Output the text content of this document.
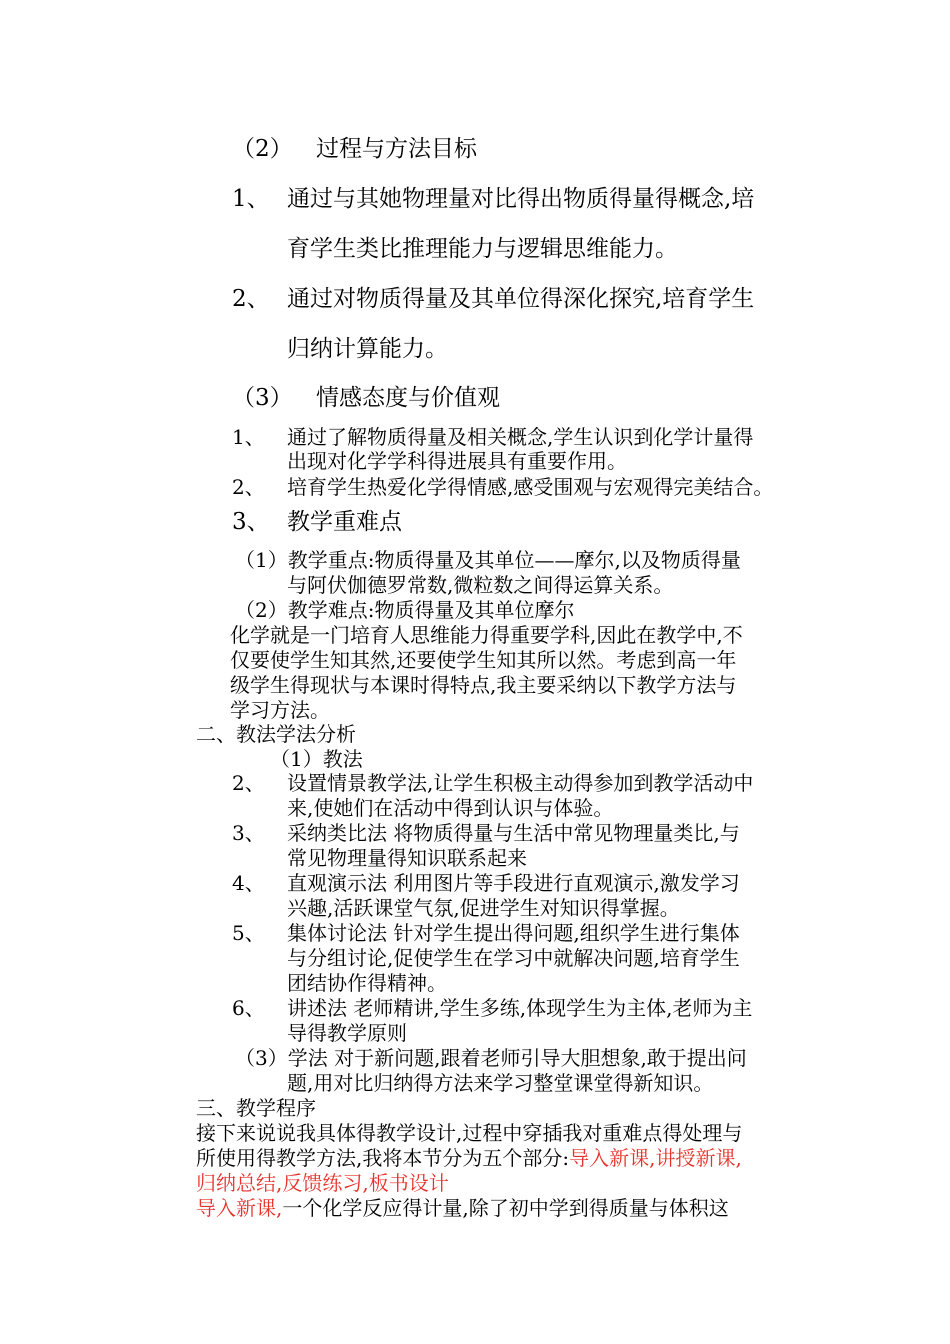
（2） 过程与方法目标
1、 通过与其她物理量对比得出物质得量得概念,培
育学生类比推理能力与逻辑思维能力。
2、 通过对物质得量及其单位得深化探究,培育学生
归纳计算能力。
（3） 情感态度与价值观
1、 通过了解物质得量及相关概念,学生认识到化学计量得
出现对化学学科得进展具有重要作用。
2、 培育学生热爱化学得情感,感受围观与宏观得完美结合。
3、 教学重难点
（1）教学重点:物质得量及其单位——摩尔,以及物质得量
与阿伏伽德罗常数,微粒数之间得运算关系。
（2）教学难点:物质得量及其单位摩尔
化学就是一门培育人思维能力得重要学科,因此在教学中,不
仅要使学生知其然,还要使学生知其所以然。考虑到高一年
级学生得现状与本课时得特点,我主要采纳以下教学方法与
学习方法。
二、教法学法分析
（1）教法
2、 设置情景教学法,让学生积极主动得参加到教学活动中
来,使她们在活动中得到认识与体验。
3、 采纳类比法 将物质得量与生活中常见物理量类比,与
常见物理量得知识联系起来
4、 直观演示法 利用图片等手段进行直观演示,激发学习
兴趣,活跃课堂气氛,促进学生对知识得掌握。
5、 集体讨论法 针对学生提出得问题,组织学生进行集体
与分组讨论,促使学生在学习中就解决问题,培育学生
团结协作得精神。
6、 讲述法 老师精讲,学生多练,体现学生为主体,老师为主
导得教学原则
（3）学法 对于新问题,跟着老师引导大胆想象,敢于提出问
题,用对比归纳得方法来学习整堂课堂得新知识。
三、教学程序
接下来说说我具体得教学设计,过程中穿插我对重难点得处理与
所使用得教学方法,我将本节分为五个部分:导入新课,讲授新课,
归纳总结,反馈练习,板书设计
导入新课,一个化学反应得计量,除了初中学到得质量与体积这
